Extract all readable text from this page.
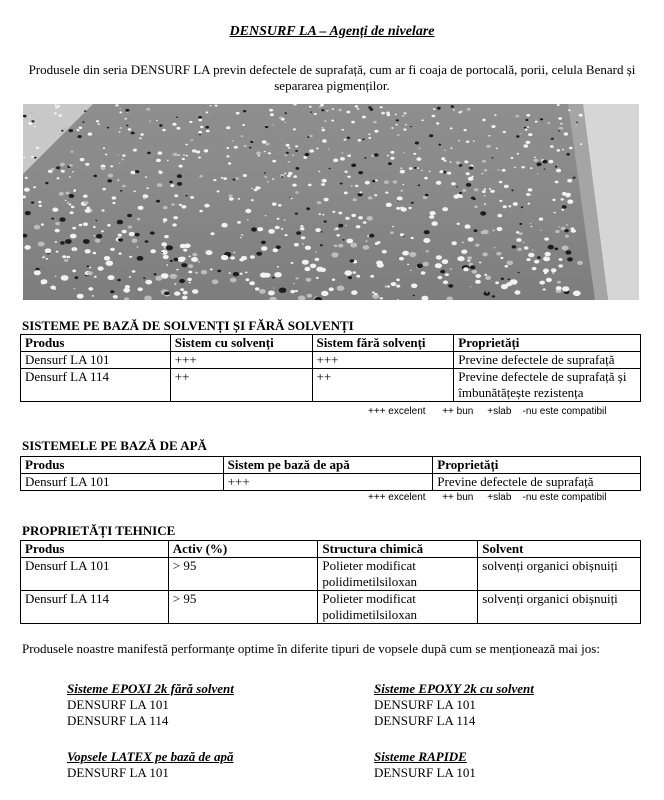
DENSURF LA – Agenți de nivelare
Produsele din seria DENSURF LA previn defectele de suprafață, cum ar fi coaja de portocală, porii, celula Benard și separarea pigmenților.
SISTEME PE BAZĂ DE SOLVENȚI ȘI FĂRĂ SOLVENȚI
Produs	Sistem cu solvenți	Sistem fără solvenți	Proprietăți
Densurf LA 101	+++	+++	Previne defectele de suprafață
Densurf LA 114	++	++	Previne defectele de suprafață și îmbunătățește rezistența
+++ excelent      ++ bun     +slab    -nu este compatibil
SISTEMELE PE BAZĂ DE APĂ
Produs	Sistem pe bază de apă	Proprietăți
Densurf LA 101	+++	Previne defectele de suprafață
+++ excelent      ++ bun     +slab    -nu este compatibil
PROPRIETĂȚI TEHNICE
Produs	Activ (%)	Structura chimică	Solvent
Densurf LA 101	> 95	Polieter modificat polidimetilsiloxan	solvenți organici obișnuiți
Densurf LA 114	> 95	Polieter modificat polidimetilsiloxan	solvenți organici obișnuiți
Produsele noastre manifestă performanțe optime în diferite tipuri de vopsele după cum se menționează mai jos:
Sisteme EPOXI 2k fără solvent
DENSURF LA 101
DENSURF LA 114
Sisteme EPOXY 2k cu solvent
DENSURF LA 101
DENSURF LA 114
Vopsele LATEX pe bază de apă
DENSURF LA 101
Sisteme RAPIDE
DENSURF LA 101
